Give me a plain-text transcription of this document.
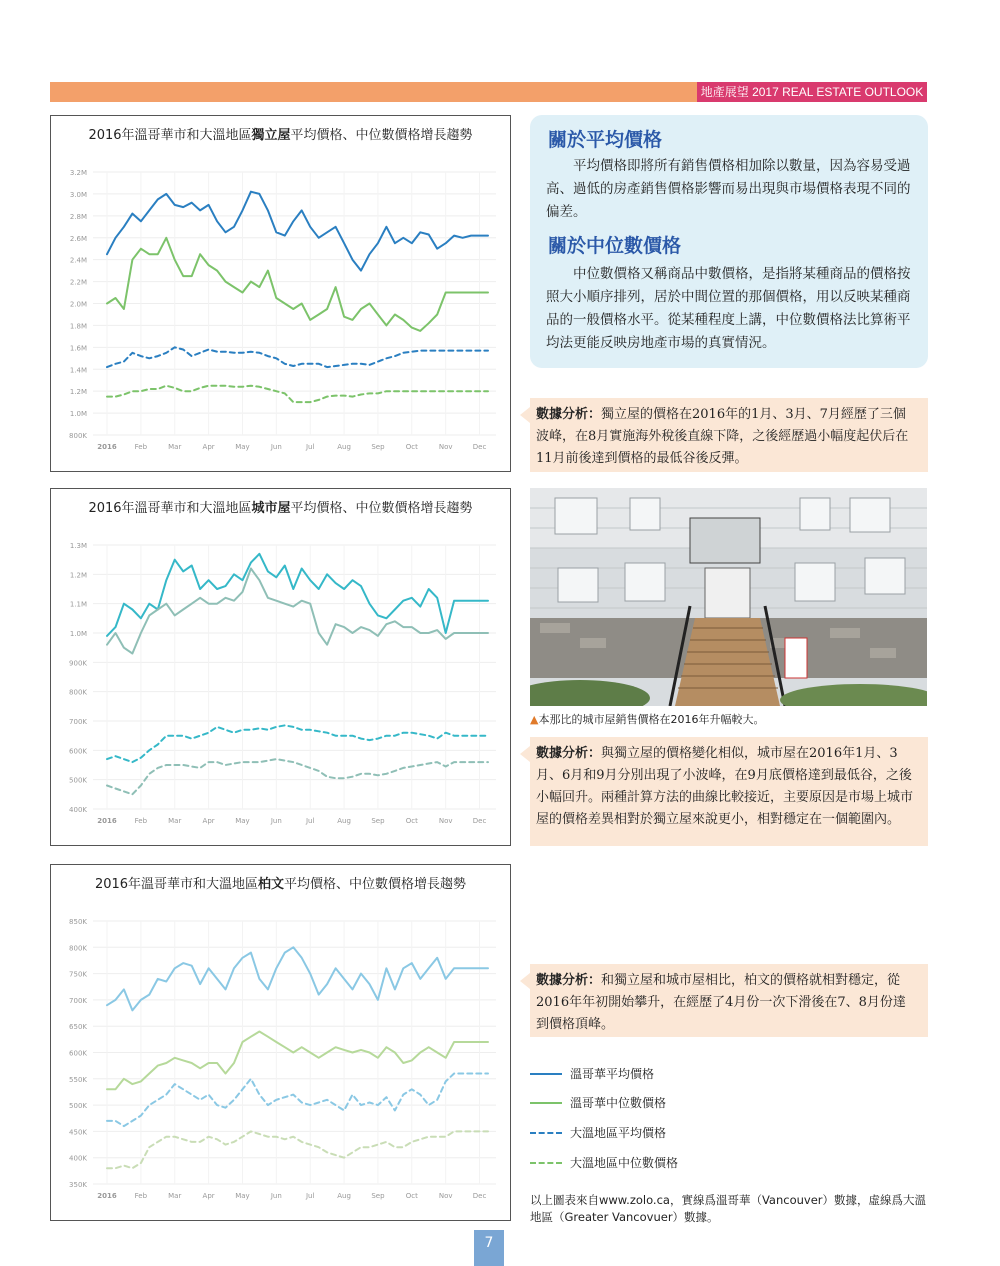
地產展望 2017 REAL ESTATE OUTLOOK
2016年溫哥華市和大溫地區獨立屋平均價格、中位數價格增長趨勢
3.2M
3.0M
2.8M
2.6M
2.4M
2.2M
2.0M
1.8M
1.6M
1.4M
1.2M
1.0M
800K
2016	Feb	Mar	Apr	May	Jun	Jul	Aug	Sep	Oct	Nov	Dec
2016年溫哥華市和大溫地區城市屋平均價格、中位數價格增長趨勢
1.3M
1.2M
1.1M
1.0M
900K
800K
700K
600K
500K
400K
2016	Feb	Mar	Apr	May	Jun	Jul	Aug	Sep	Oct	Nov	Dec
2016年溫哥華市和大溫地區柏文平均價格、中位數價格增長趨勢
850K
800K
750K
700K
650K
600K
550K
500K
450K
400K
350K
2016	Feb	Mar	Apr	May	Jun	Jul	Aug	Sep	Oct	Nov	Dec
關於平均價格

平均價格即將所有銷售價格相加除以數量，因為容易受過高、過低的房產銷售價格影響而易出現與市場價格表現不同的偏差。

關於中位數價格

中位數價格又稱商品中數價格，是指將某種商品的價格按照大小順序排列，居於中間位置的那個價格，用以反映某種商品的一般價格水平。從某種程度上講，中位數價格法比算術平均法更能反映房地產市場的真實情況。

數據分析：獨立屋的價格在2016年的1月、3月、7月經歷了三個波峰，在8月實施海外稅後直線下降，之後經歷過小幅度起伏后在11月前後達到價格的最低谷後反彈。
▲本那比的城市屋銷售價格在2016年升幅較大。
數據分析：與獨立屋的價格變化相似，城市屋在2016年1月、3月、6月和9月分別出現了小波峰，在9月底價格達到最低谷，之後小幅回升。兩種計算方法的曲線比較接近，主要原因是市場上城市屋的價格差異相對於獨立屋來說更小，相對穩定在一個範圍內。
數據分析：和獨立屋和城市屋相比，柏文的價格就相對穩定，從2016年年初開始攀升，在經歷了4月份一次下滑後在7、8月份達到價格頂峰。
溫哥華平均價格
溫哥華中位數價格
大溫地區平均價格
大溫地區中位數價格
以上圖表來自www.zolo.ca，實線爲溫哥華（Vancouver）數據，虛線爲大溫地區（Greater Vancovuer）數據。
7
